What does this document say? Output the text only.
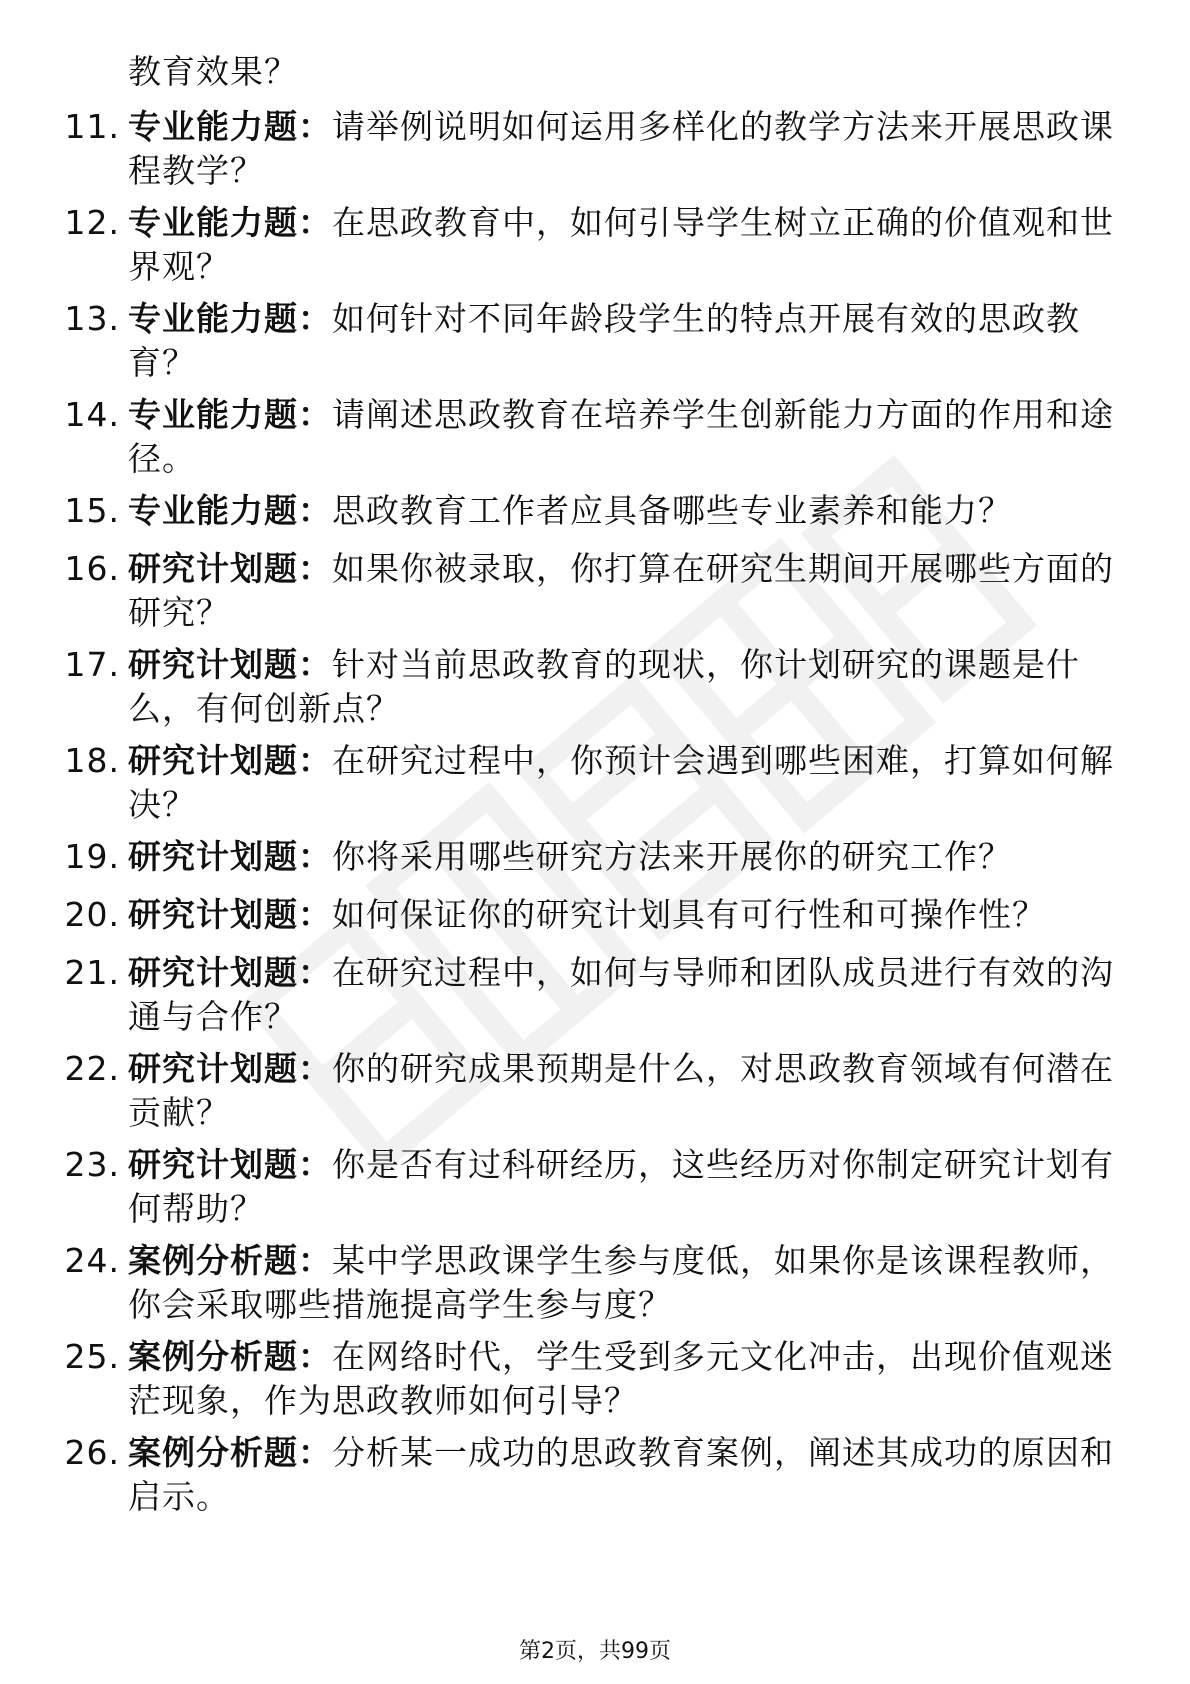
教育效果？
11. 专业能力题：请举例说明如何运用多样化的教学方法来开展思政课程教学？
12. 专业能力题：在思政教育中，如何引导学生树立正确的价值观和世界观？
13. 专业能力题：如何针对不同年龄段学生的特点开展有效的思政教育？
14. 专业能力题：请阐述思政教育在培养学生创新能力方面的作用和途径。
15. 专业能力题：思政教育工作者应具备哪些专业素养和能力？
16. 研究计划题：如果你被录取，你打算在研究生期间开展哪些方面的研究？
17. 研究计划题：针对当前思政教育的现状，你计划研究的课题是什么，有何创新点？
18. 研究计划题：在研究过程中，你预计会遇到哪些困难，打算如何解决？
19. 研究计划题：你将采用哪些研究方法来开展你的研究工作？
20. 研究计划题：如何保证你的研究计划具有可行性和可操作性？
21. 研究计划题：在研究过程中，如何与导师和团队成员进行有效的沟通与合作？
22. 研究计划题：你的研究成果预期是什么，对思政教育领域有何潜在贡献？
23. 研究计划题：你是否有过科研经历，这些经历对你制定研究计划有何帮助？
24. 案例分析题：某中学思政课学生参与度低，如果你是该课程教师，你会采取哪些措施提高学生参与度？
25. 案例分析题：在网络时代，学生受到多元文化冲击，出现价值观迷茫现象，作为思政教师如何引导？
26. 案例分析题：分析某一成功的思政教育案例，阐述其成功的原因和启示。
第2页，共99页
